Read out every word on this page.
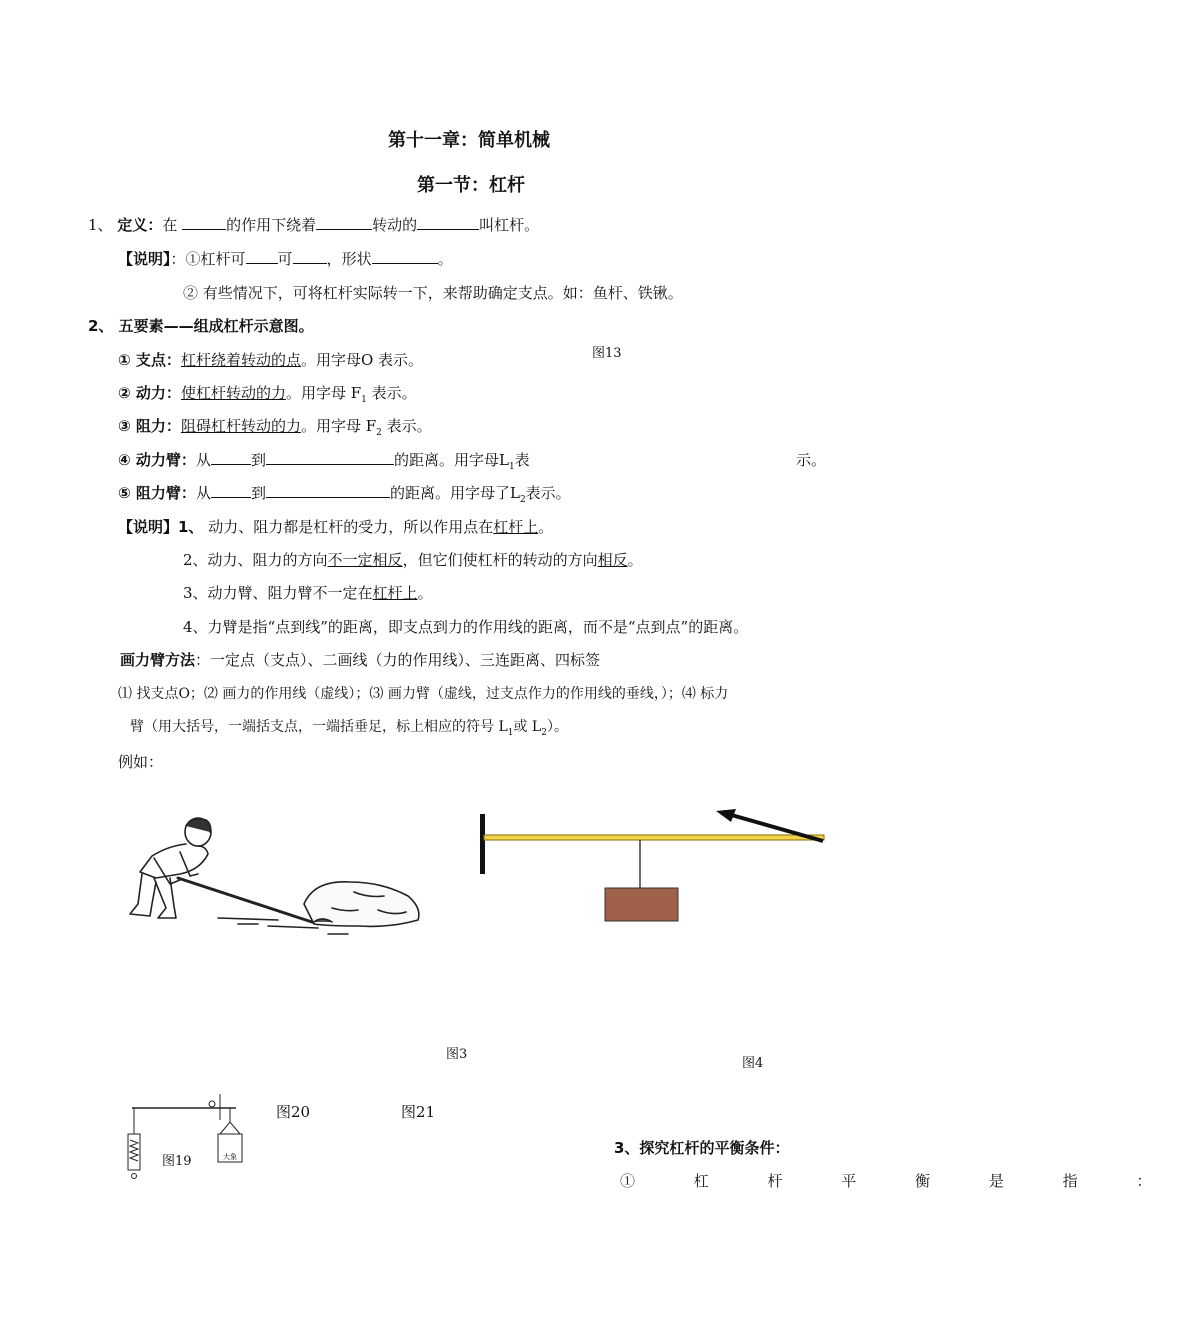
第十一章：简单机械
第一节：杠杆
1、 定义：在	的作用下绕着	转动的	叫杠杆。
【说明】：①杠杆可 可 ，形状	。
② 有些情况下，可将杠杆实际转一下，来帮助确定支点。如：鱼杆、铁锹。
2、 五要素——组成杠杆示意图。
图13
① 支点：杠杆绕着转动的点。用字母O 表示。
② 动力：使杠杆转动的力。用字母 $F_1$ 表示。
③ 阻力：阻碍杠杆转动的力。用字母 $F_2$ 表示。
④ 动力臂：从	到	的距离。用字母$L_1$表	示。
⑤ 阻力臂：从	到	的距离。用字母了$L_2$表示。
【说明】1、 动力、阻力都是杠杆的受力，所以作用点在杠杆上。
2、动力、阻力的方向不一定相反，但它们使杠杆的转动的方向相反。
3、动力臂、阻力臂不一定在杠杆上。
4、力臂是指“点到线”的距离，即支点到力的作用线的距离，而不是“点到点”的距离。
画力臂方法：一定点（支点）、二画线（力的作用线）、三连距离、四标签
⑴ 找支点O；⑵ 画力的作用线（虚线）；⑶ 画力臂（虚线，过支点作力的作用线的垂线，）；⑷ 标力
臂（用大括号，一端括支点，一端括垂足，标上相应的符号 $L_1$或 $L_2$）。
例如：
图3
图4
大象
图19
图20	图21
3、探究杠杆的平衡条件：
① 杠 杆 平 衡 是 指 ：
